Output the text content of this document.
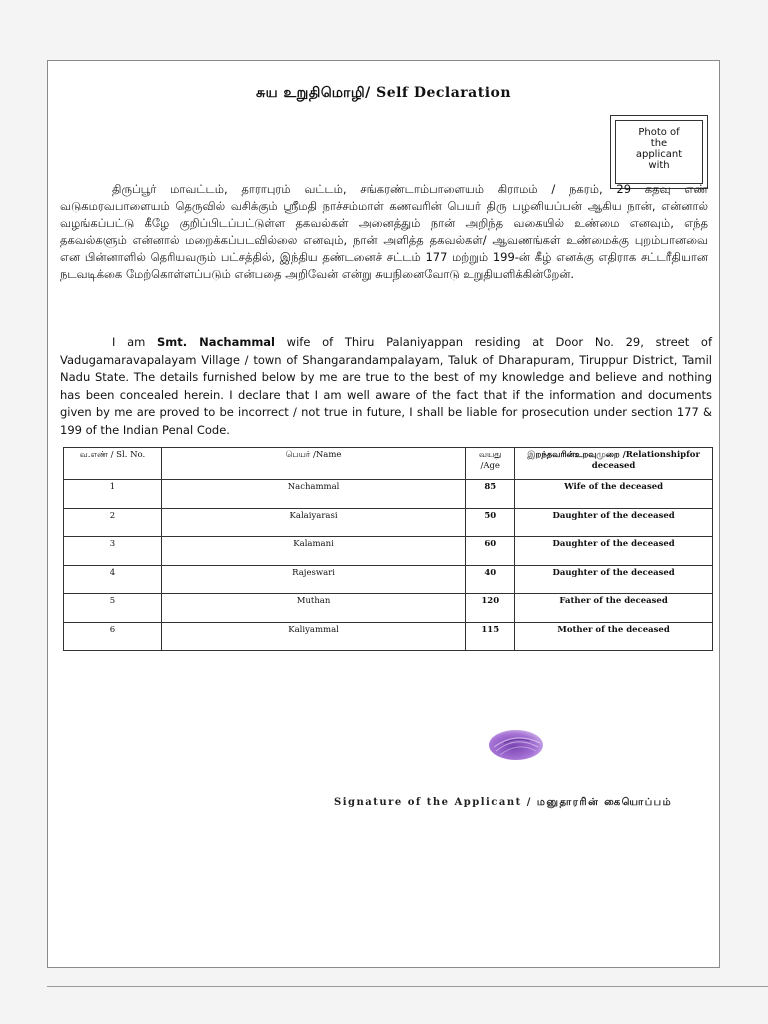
சுய உறுதிமொழி/ Self Declaration
Photo of
the
applicant
with
திருப்பூர் மாவட்டம், தாராபுரம் வட்டம், சங்கரண்டாம்பாளையம் கிராமம் / நகரம், 29 கதவு எண் வடுகமரவபாளையம் தெருவில் வசிக்கும் ஸ்ரீமதி நாச்சம்மாள் கணவரின் பெயர் திரு பழனியப்பன் ஆகிய நான், என்னால் வழங்கப்பட்டு கீழே குறிப்பிடப்பட்டுள்ள தகவல்கள் அனைத்தும் நான் அறிந்த வகையில் உண்மை எனவும், எந்த தகவல்களும் என்னால் மறைக்கப்படவில்லை எனவும், நான் அளித்த தகவல்கள்/ ஆவணங்கள் உண்மைக்கு புறம்பானவை என பின்னாளில் தெரியவரும் பட்சத்தில், இந்திய தண்டனைச் சட்டம் 177 மற்றும் 199-ன் கீழ் எனக்கு எதிராக சட்டரீதியான நடவடிக்கை மேற்கொள்ளப்படும் என்பதை அறிவேன் என்று சுயநினைவோடு உறுதியளிக்கின்றேன்.
I am Smt. Nachammal wife of Thiru Palaniyappan residing at Door No. 29, street of Vadugamaravapalayam Village / town of Shangarandampalayam, Taluk of Dharapuram, Tiruppur District, Tamil Nadu State. The details furnished below by me are true to the best of my knowledge and believe and nothing has been concealed herein. I declare that I am well aware of the fact that if the information and documents given by me are proved to be incorrect / not true in future, I shall be liable for prosecution under section 177 & 199 of the Indian Penal Code.
வ.எண் / Sl. No.	பெயர் /Name	வயது /Age	இறந்தவரின்உறவுமுறை /Relationshipfor deceased
1	Nachammal	85	Wife of the deceased
2	Kalaiyarasi	50	Daughter of the deceased
3	Kalamani	60	Daughter of the deceased
4	Rajeswari	40	Daughter of the deceased
5	Muthan	120	Father of the deceased
6	Kaliyammal	115	Mother of the deceased
Signature of the Applicant / மனுதாரரின் கையொப்பம்
